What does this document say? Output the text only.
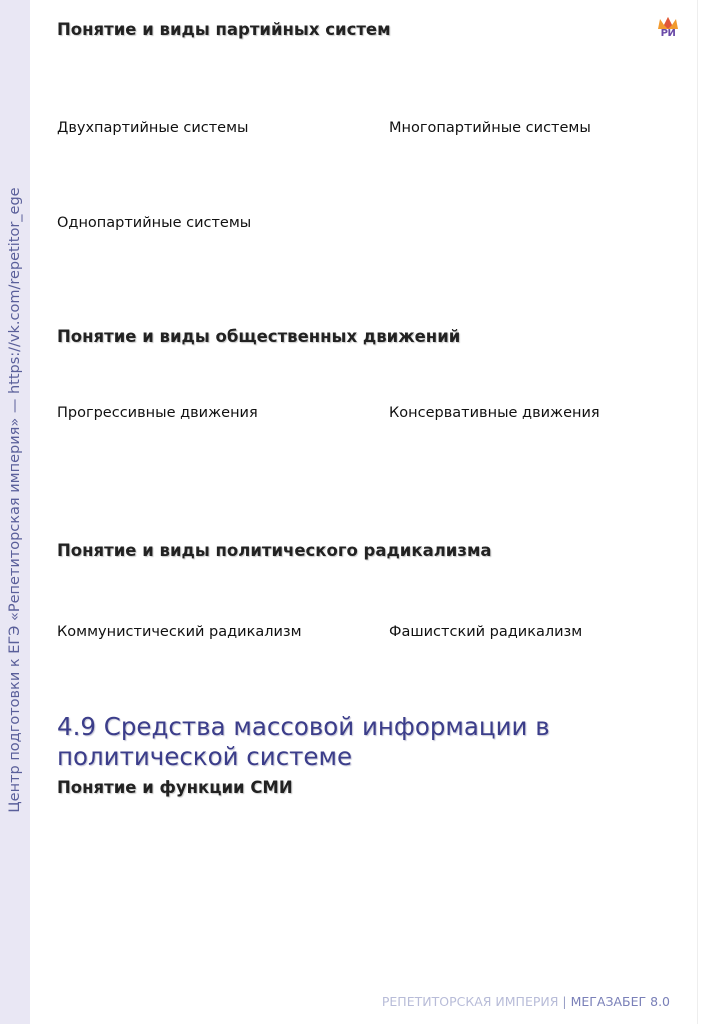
Центр подготовки к ЕГЭ «Репетиторская империя» — https://vk.com/repetitor_ege
РИ
Понятие и виды партийных систем
Двухпартийные системы	Многопартийные системы
Однопартийные системы
Понятие и виды общественных движений
Прогрессивные движения	Консервативные движения
Понятие и виды политического радикализма
Коммунистический радикализм	Фашистский радикализм
4.9 Средства массовой информации в политической системе
Понятие и функции СМИ
РЕПЕТИТОРСКАЯ ИМПЕРИЯ | МЕГАЗАБЕГ 8.0
